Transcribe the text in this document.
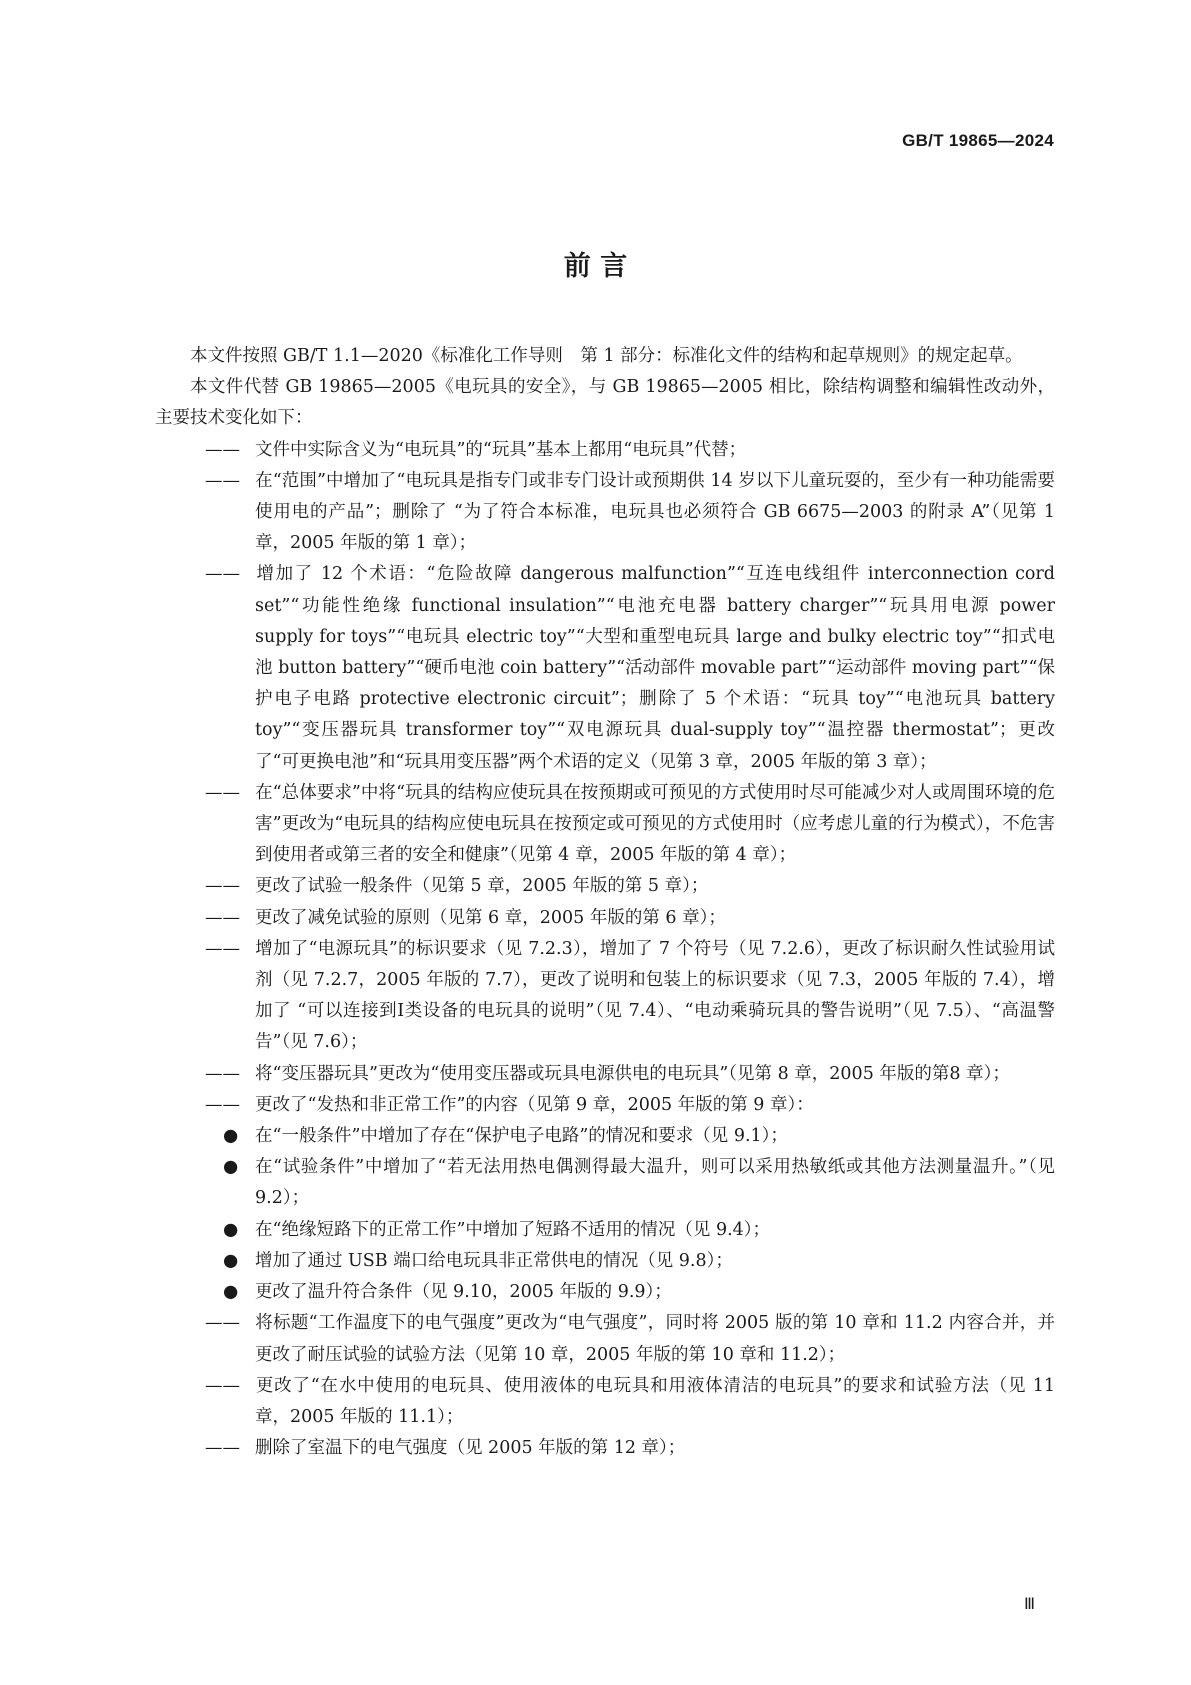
GB/T 19865—2024
前 言

本文件按照 GB/T 1.1—2020《标准化工作导则　第 1 部分：标准化文件的结构和起草规则》的规定起草。

本文件代替 GB 19865—2005《电玩具的安全》，与 GB 19865—2005 相比，除结构调整和编辑性改动外，主要技术变化如下：

—— 文件中实际含义为“电玩具”的“玩具”基本上都用“电玩具”代替；

—— 在“范围”中增加了“电玩具是指专门或非专门设计或预期供 14 岁以下儿童玩耍的，至少有一种功能需要使用电的产品”；删除了 “为了符合本标准，电玩具也必须符合 GB 6675—2003 的附录 A”（见第 1 章，2005 年版的第 1 章）；

—— 增加了 12 个术语：“危险故障 dangerous malfunction”“互连电线组件 interconnection cord set”“功能性绝缘 functional insulation”“电池充电器 battery charger”“玩具用电源 power supply for toys”“电玩具 electric toy”“大型和重型电玩具 large and bulky electric toy”“扣式电池 button battery”“硬币电池 coin battery”“活动部件 movable part”“运动部件 moving part”“保护电子电路 protective electronic circuit”；删除了 5 个术语：“玩具 toy”“电池玩具 battery toy”“变压器玩具 transformer toy”“双电源玩具 dual-supply toy”“温控器 thermostat”；更改了“可更换电池”和“玩具用变压器”两个术语的定义（见第 3 章，2005 年版的第 3 章）；

—— 在“总体要求”中将“玩具的结构应使玩具在按预期或可预见的方式使用时尽可能减少对人或周围环境的危害”更改为“电玩具的结构应使电玩具在按预定或可预见的方式使用时（应考虑儿童的行为模式），不危害到使用者或第三者的安全和健康”（见第 4 章，2005 年版的第 4 章）；

—— 更改了试验一般条件（见第 5 章，2005 年版的第 5 章）；

—— 更改了减免试验的原则（见第 6 章，2005 年版的第 6 章）；

—— 增加了“电源玩具”的标识要求（见 7.2.3），增加了 7 个符号（见 7.2.6），更改了标识耐久性试验用试剂（见 7.2.7，2005 年版的 7.7），更改了说明和包装上的标识要求（见 7.3，2005 年版的 7.4），增加了 “可以连接到Ⅰ类设备的电玩具的说明”（见 7.4）、“电动乘骑玩具的警告说明”（见 7.5）、“高温警告”（见 7.6）；

—— 将“变压器玩具”更改为“使用变压器或玩具电源供电的电玩具”（见第 8 章，2005 年版的第8 章）；

—— 更改了“发热和非正常工作”的内容（见第 9 章，2005 年版的第 9 章）：

● 在“一般条件”中增加了存在“保护电子电路”的情况和要求（见 9.1）；

● 在“试验条件”中增加了“若无法用热电偶测得最大温升，则可以采用热敏纸或其他方法测量温升。”（见 9.2）；

● 在“绝缘短路下的正常工作”中增加了短路不适用的情况（见 9.4）；

● 增加了通过 USB 端口给电玩具非正常供电的情况（见 9.8）；

● 更改了温升符合条件（见 9.10，2005 年版的 9.9）；

—— 将标题“工作温度下的电气强度”更改为“电气强度”，同时将 2005 版的第 10 章和 11.2 内容合并，并更改了耐压试验的试验方法（见第 10 章，2005 年版的第 10 章和 11.2）；

—— 更改了“在水中使用的电玩具、使用液体的电玩具和用液体清洁的电玩具”的要求和试验方法（见 11 章，2005 年版的 11.1）；

—— 删除了室温下的电气强度（见 2005 年版的第 12 章）；

Ⅲ
